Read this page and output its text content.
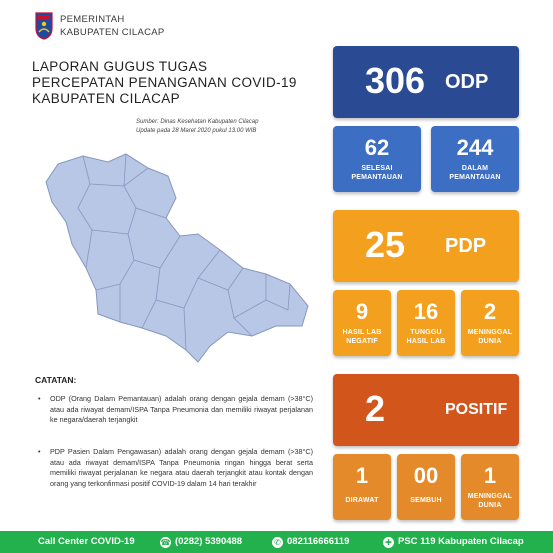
PEMERINTAH
KABUPATEN CILACAP
LAPORAN GUGUS TUGAS
PERCEPATAN PENANGANAN COVID-19
KABUPATEN CILACAP
Sumber: Dinas Kesehatan Kabupaten Cilacap
Update pada 28 Maret 2020 pukul 13.00 WIB
CATATAN:
• ODP (Orang Dalam Pemantauan) adalah orang dengan gejala demam (>38°C) atau ada riwayat demam/ISPA Tanpa Pneumonia dan memiliki riwayat perjalanan ke negara/daerah terjangkit
• PDP Pasien Dalam Pengawasan) adalah orang dengan gejala demam (>38°C) atau ada riwayat demam/ISPA Tanpa Pneumonia ringan hingga berat serta memiliki riwayat perjalanan ke negara atau daerah terjangkit atau kontak dengan orang yang terkonfirmasi positif COVID-19 dalam 14 hari terakhir
306 ODP
62
SELESAI
PEMANTAUAN
244
DALAM
PEMANTAUAN
25 PDP
9
HASIL LAB
NEGATIF
16
TUNGGU
HASIL LAB
2
MENINGGAL
DUNIA
2	POSITIF
1
DIRAWAT
00
SEMBUH
1
MENINGGAL
DUNIA
Call Center COVID-19	☎ (0282) 5390488	✆ 082116666119	✚ PSC 119 Kabupaten Cilacap
